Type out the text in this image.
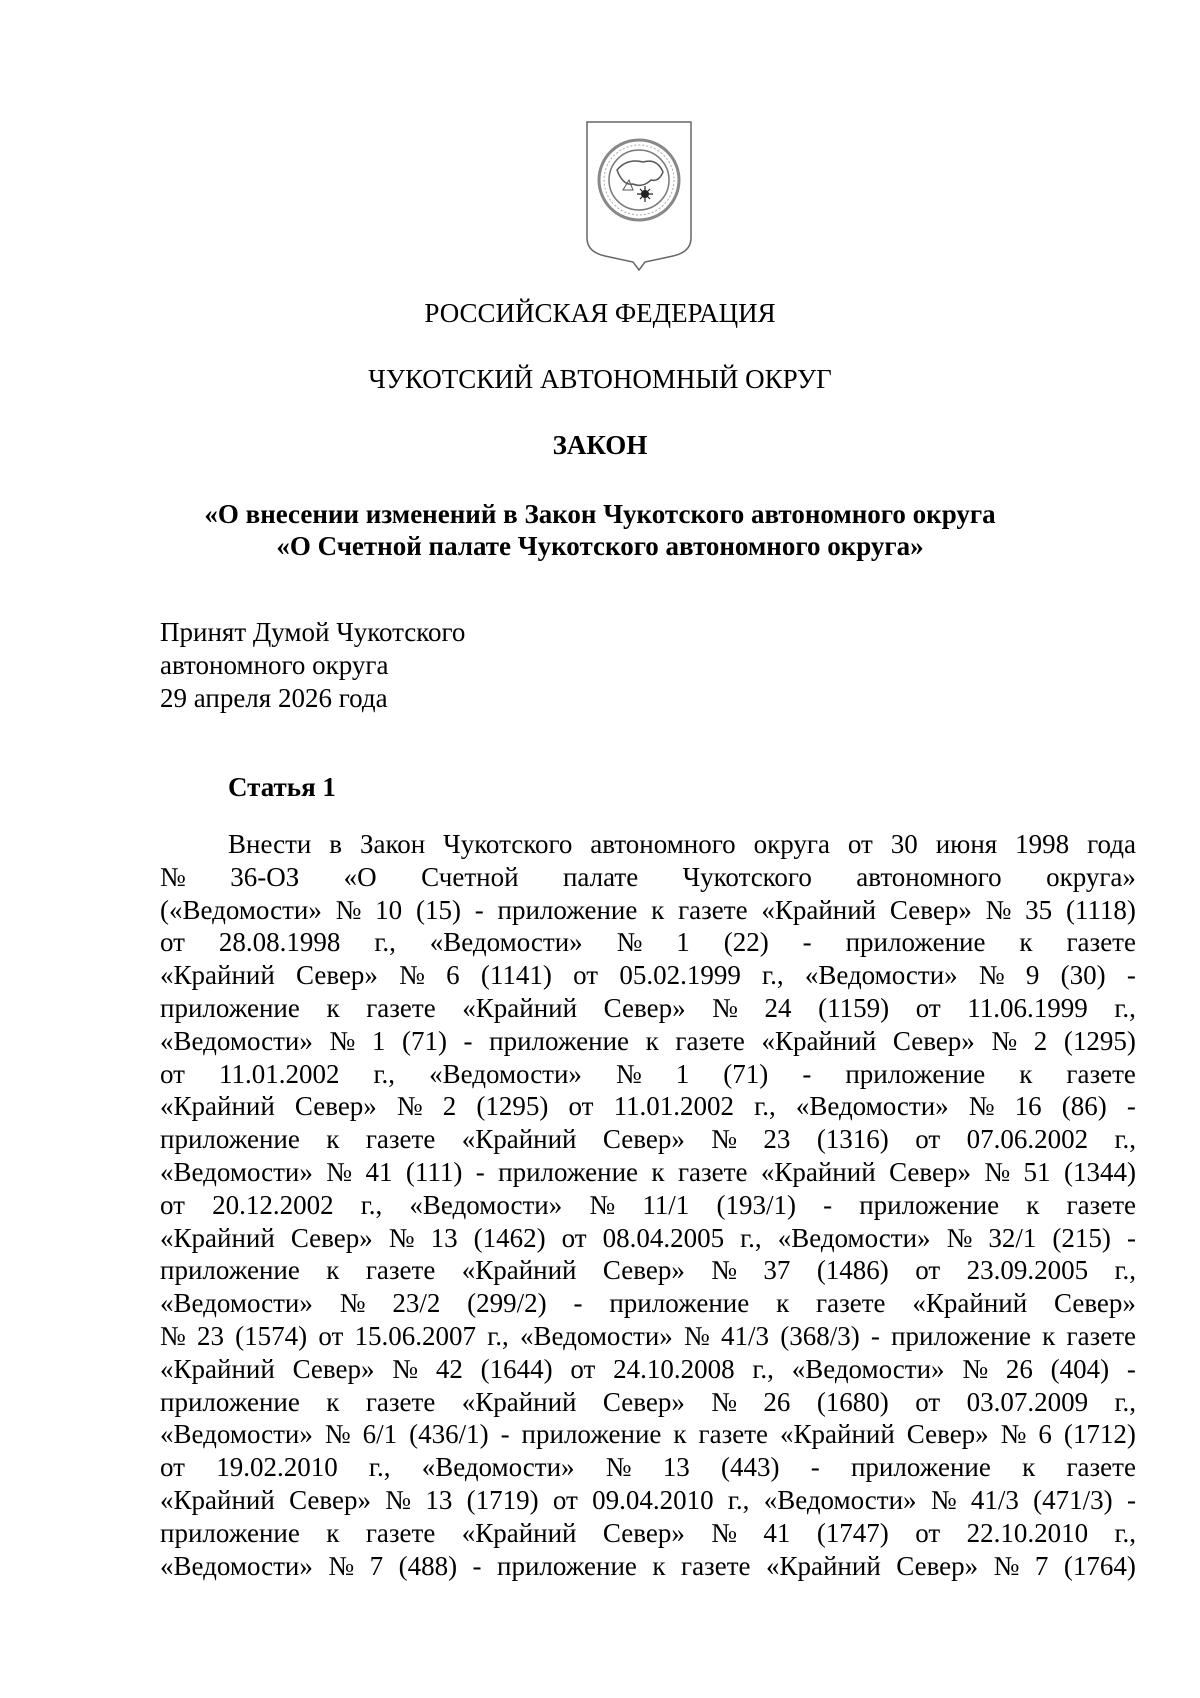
РОССИЙСКАЯ ФЕДЕРАЦИЯ
ЧУКОТСКИЙ АВТОНОМНЫЙ ОКРУГ
ЗАКОН
«О внесении изменений в Закон Чукотского автономного округа
«О Счетной палате Чукотского автономного округа»
Принят Думой Чукотского
автономного округа
29 апреля 2026 года
Статья 1
Внести в Закон Чукотского автономного округа от 30 июня 1998 года
№ 36-ОЗ «О Счетной палате Чукотского автономного округа»
(«Ведомости» № 10 (15) - приложение к газете «Крайний Север» № 35 (1118)
от 28.08.1998 г., «Ведомости» № 1 (22) - приложение к газете
«Крайний Север» № 6 (1141) от 05.02.1999 г., «Ведомости» № 9 (30) -
приложение к газете «Крайний Север» № 24 (1159) от 11.06.1999 г.,
«Ведомости» № 1 (71) - приложение к газете «Крайний Север» № 2 (1295)
от 11.01.2002 г., «Ведомости» № 1 (71) - приложение к газете
«Крайний Север» № 2 (1295) от 11.01.2002 г., «Ведомости» № 16 (86) -
приложение к газете «Крайний Север» № 23 (1316) от 07.06.2002 г.,
«Ведомости» № 41 (111) - приложение к газете «Крайний Север» № 51 (1344)
от 20.12.2002 г., «Ведомости» № 11/1 (193/1) - приложение к газете
«Крайний Север» № 13 (1462) от 08.04.2005 г., «Ведомости» № 32/1 (215) -
приложение к газете «Крайний Север» № 37 (1486) от 23.09.2005 г.,
«Ведомости» № 23/2 (299/2) - приложение к газете «Крайний Север»
№ 23 (1574) от 15.06.2007 г., «Ведомости» № 41/3 (368/3) - приложение к газете
«Крайний Север» № 42 (1644) от 24.10.2008 г., «Ведомости» № 26 (404) -
приложение к газете «Крайний Север» № 26 (1680) от 03.07.2009 г.,
«Ведомости» № 6/1 (436/1) - приложение к газете «Крайний Север» № 6 (1712)
от 19.02.2010 г., «Ведомости» № 13 (443) - приложение к газете
«Крайний Север» № 13 (1719) от 09.04.2010 г., «Ведомости» № 41/3 (471/3) -
приложение к газете «Крайний Север» № 41 (1747) от 22.10.2010 г.,
«Ведомости» № 7 (488) - приложение к газете «Крайний Север» № 7 (1764)
